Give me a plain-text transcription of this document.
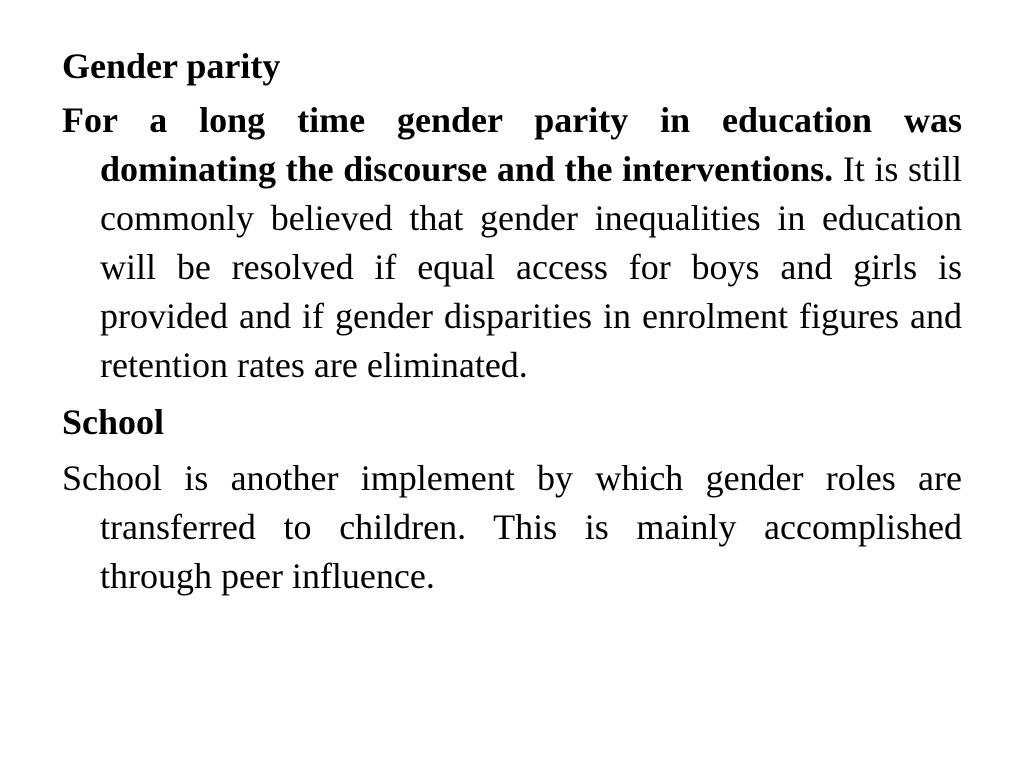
Gender parity

For a long time gender parity in education was dominating the discourse and the interventions. It is still commonly believed that gender inequalities in education will be resolved if equal access for boys and girls is provided and if gender disparities in enrolment figures and retention rates are eliminated.

School

School is another implement by which gender roles are transferred to children. This is mainly accomplished through peer influence.
